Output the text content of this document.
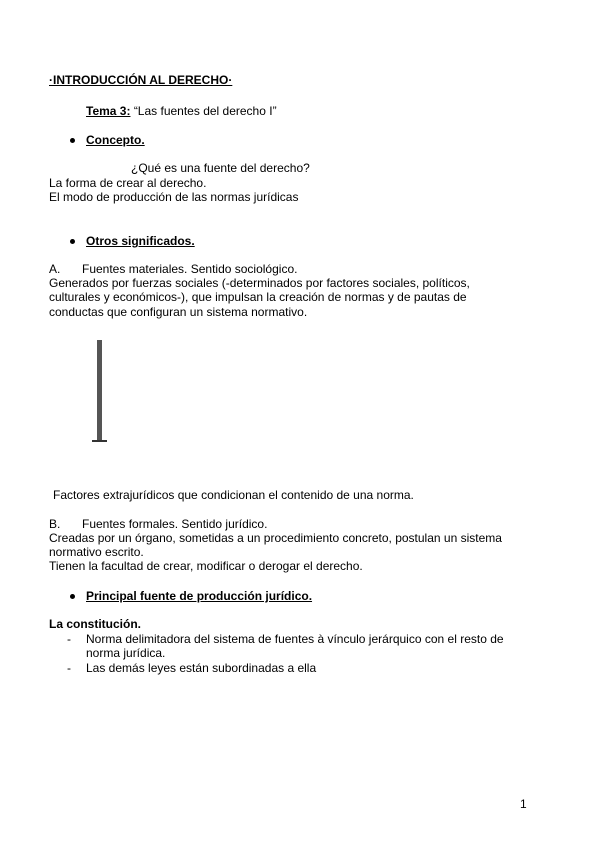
·INTRODUCCIÓN AL DERECHO·
Tema 3: “Las fuentes del derecho I”
Concepto.
¿Qué es una fuente del derecho?
La forma de crear al derecho.
El modo de producción de las normas jurídicas
Otros significados.
A. Fuentes materiales. Sentido sociológico.
Generados por fuerzas sociales (-determinados por factores sociales, políticos,
culturales y económicos-), que impulsan la creación de normas y de pautas de
conductas que configuran un sistema normativo.
Factores extrajurídicos que condicionan el contenido de una norma.
B. Fuentes formales. Sentido jurídico.
Creadas por un órgano, sometidas a un procedimiento concreto, postulan un sistema
normativo escrito.
Tienen la facultad de crear, modificar o derogar el derecho.
Principal fuente de producción jurídico.
La constitución.
- Norma delimitadora del sistema de fuentes à vínculo jerárquico con el resto de
norma jurídica.
- Las demás leyes están subordinadas a ella
1
